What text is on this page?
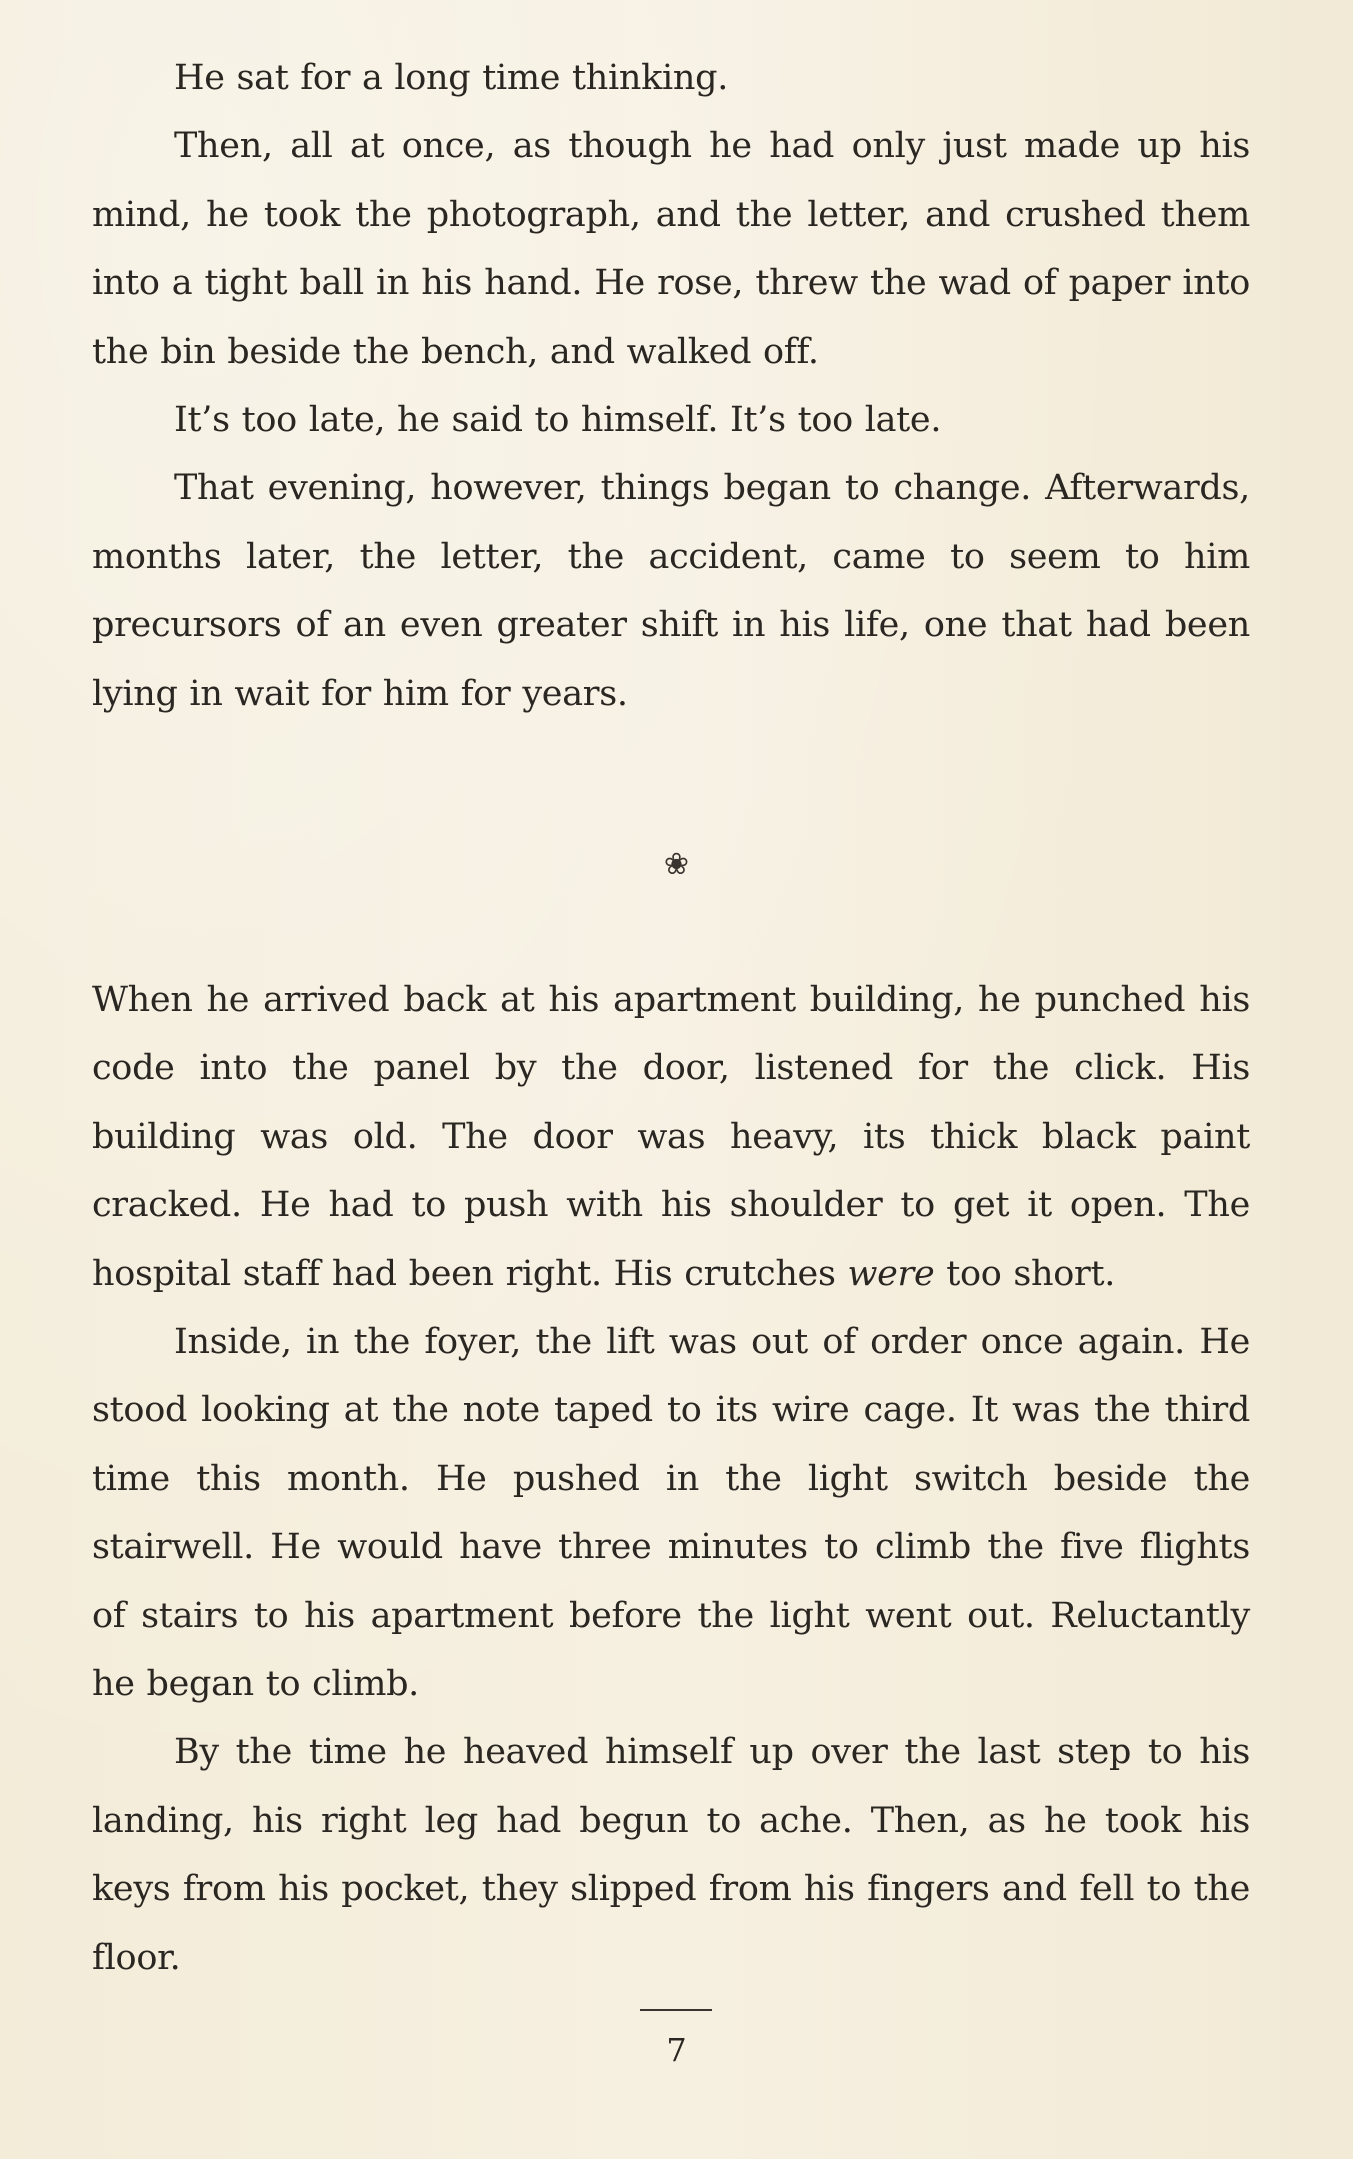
He sat for a long time thinking.

Then, all at once, as though he had only just made up his mind, he took the photograph, and the letter, and crushed them into a tight ball in his hand. He rose, threw the wad of paper into the bin beside the bench, and walked off.

It’s too late, he said to himself. It’s too late.

That evening, however, things began to change. Afterwards, months later, the letter, the accident, came to seem to him precursors of an even greater shift in his life, one that had been lying in wait for him for years.

❀

When he arrived back at his apartment building, he punched his code into the panel by the door, listened for the click. His building was old. The door was heavy, its thick black paint cracked. He had to push with his shoulder to get it open. The hospital staff had been right. His crutches were too short.

Inside, in the foyer, the lift was out of order once again. He stood looking at the note taped to its wire cage. It was the third time this month. He pushed in the light switch beside the stairwell. He would have three minutes to climb the five flights of stairs to his apartment before the light went out. Reluctantly he began to climb.

By the time he heaved himself up over the last step to his landing, his right leg had begun to ache. Then, as he took his keys from his pocket, they slipped from his fingers and fell to the floor.

7
